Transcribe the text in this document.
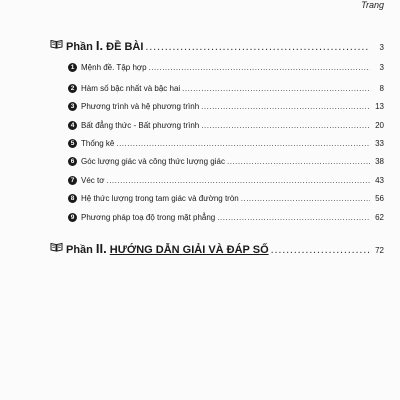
Trang
Phần I. ĐỀ BÀI .....	3
1 Mệnh đề. Tập hợp .....	3
2 Hàm số bậc nhất và bậc hai .....	8
3 Phương trình và hệ phương trình .....	13
4 Bất đẳng thức - Bất phương trình .....	20
5 Thống kê .....	33
6 Góc lượng giác và công thức lượng giác .....	38
7 Véc tơ .....	43
8 Hệ thức lượng trong tam giác và đường tròn .....	56
9 Phương pháp toạ độ trong mặt phẳng .....	62
Phần II. HƯỚNG DẪN GIẢI VÀ ĐÁP SỐ .....	72
